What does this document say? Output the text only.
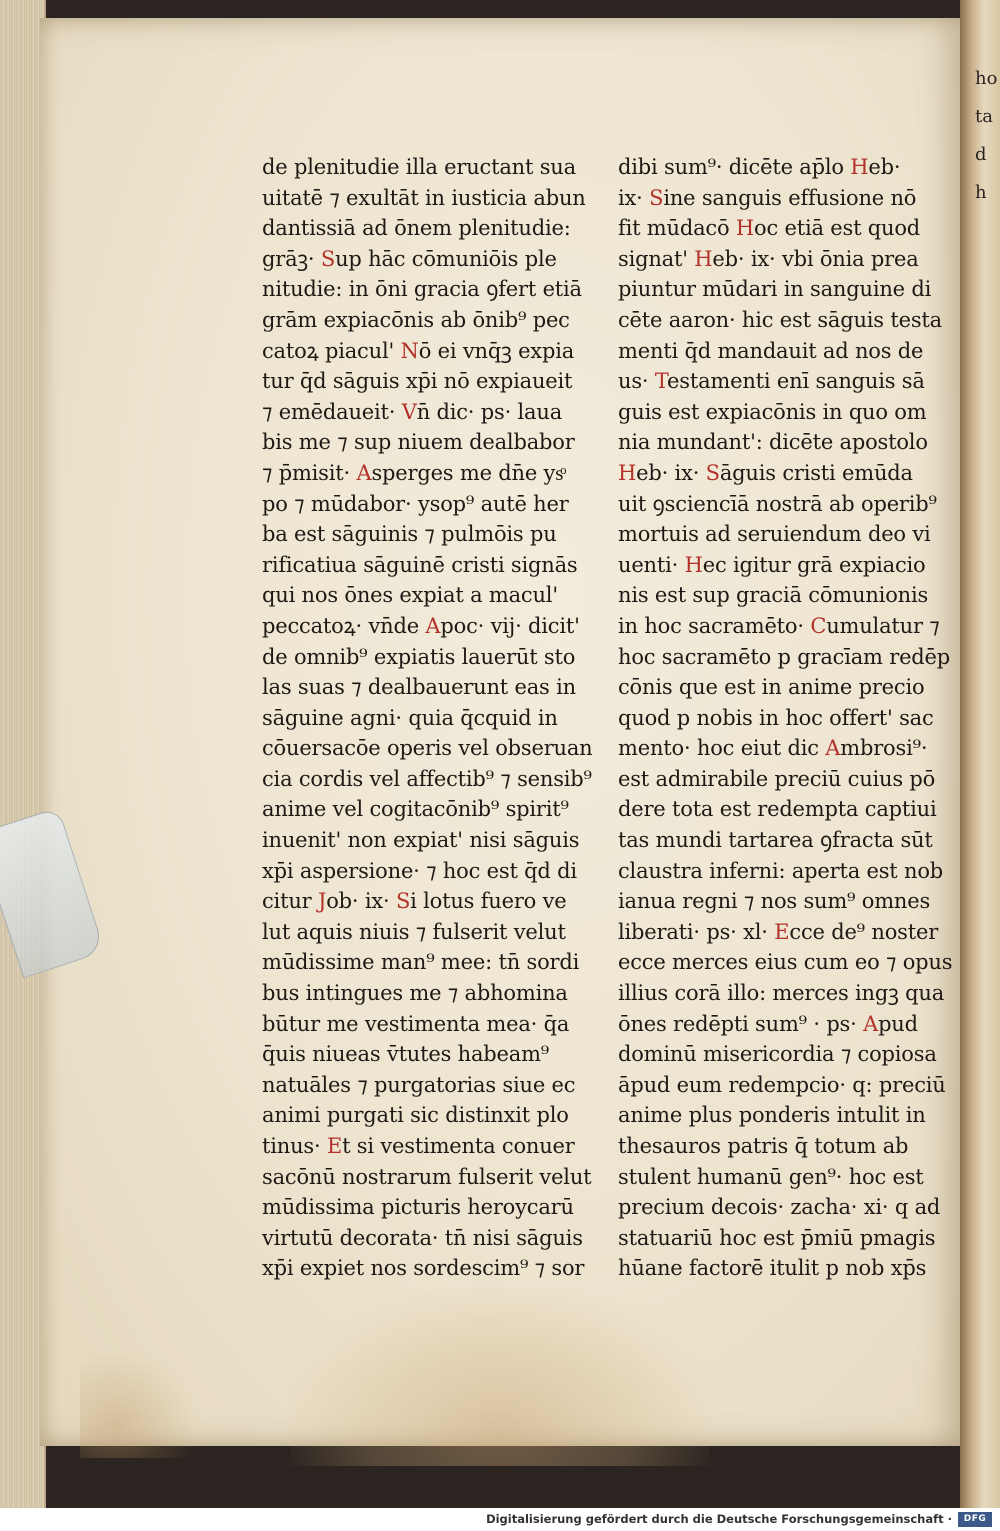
ho
ta
d
h
de plenitudie illa eructant sua
uitatē ⁊ exultāt in iusticia abun
dantissiā ad ōnem plenitudie:
grāꝫ· Sup hāc cōmuniōis ple
nitudie: in ōni gracia ꝯfert etiā
grām expiacōnis ab ōnib⁹ pec
catoꝝ piacul' Nō ei vnq̄ꝫ expia
tur q̄d sāguis xp̄i nō expiaueit
⁊ emēdaueit· Vn̄ dic· ps· laua
bis me ⁊ sup niuem dealbabor
⁊ p̄misit· Asperges me dn̄e ysͦ
po ⁊ mūdabor· ysop⁹ autē her
ba est sāguinis ⁊ pulmōis pu
rificatiua sāguinē cristi signās
qui nos ōnes expiat a macul'
peccatoꝝ· vn̄de Apoc· vij· dicit'
de omnib⁹ expiatis lauerūt sto
las suas ⁊ dealbauerunt eas in
sāguine agni· quia q̄cquid in
cōuersacōe operis vel obseruan
cia cordis vel affectib⁹ ⁊ sensib⁹
anime vel cogitacōnib⁹ spirit⁹
inuenit' non expiat' nisi sāguis
xp̄i aspersione· ⁊ hoc est q̄d di
citur Job· ix· Si lotus fuero ve
lut aquis niuis ⁊ fulserit velut
mūdissime man⁹ mee: tn̄ sordi
bus intingues me ⁊ abhomina
būtur me vestimenta mea· q̄a
q̄uis niueas v̄tutes habeam⁹
natuāles ⁊ purgatorias siue ec
animi purgati sic distinxit plo
tinus· Et si vestimenta conuer
sacōnū nostrarum fulserit velut
mūdissima picturis heroycarū
virtutū decorata· tn̄ nisi sāguis
xp̄i expiet nos sordescim⁹ ⁊ sor
dibi sum⁹· dicēte ap̄lo Heb·
ix· Sine sanguis effusione nō
fit mūdacō Hoc etiā est quod
signat' Heb· ix· vbi ōnia prea
piuntur mūdari in sanguine di
cēte aaron· hic est sāguis testa
menti q̄d mandauit ad nos de
us· Testamenti enī sanguis sā
guis est expiacōnis in quo om
nia mundant': dicēte apostolo
Heb· ix· Sāguis cristi emūda
uit ꝯsciencīā nostrā ab operib⁹
mortuis ad seruiendum deo vi
uenti· Hec igitur grā expiacio
nis est sup graciā cōmunionis
in hoc sacramēto· Cumulatur ⁊
hoc sacramēto p gracīam redēp
cōnis que est in anime precio
quod p nobis in hoc offert' sac
mento· hoc eiut dic Ambrosi⁹·
est admirabile preciū cuius pō
dere tota est redempta captiui
tas mundi tartarea ꝯfracta sūt
claustra inferni: aperta est nob
ianua regni ⁊ nos sum⁹ omnes
liberati· ps· xl· Ecce de⁹ noster
ecce merces eius cum eo ⁊ opus
illius corā illo: merces ingꝫ qua
ōnes redēpti sum⁹ · ps· Apud
dominū misericordia ⁊ copiosa
āpud eum redempcio· q: preciū
anime plus ponderis intulit in
thesauros patris q̄ totum ab
stulent humanū gen⁹· hoc est
precium decois· zacha· xi· q ad
statuariū hoc est p̄miū pmagis
hūane factorē itulit p nob xp̄s
Digitalisierung gefördert durch die Deutsche Forschungsgemeinschaft ·	DFG
